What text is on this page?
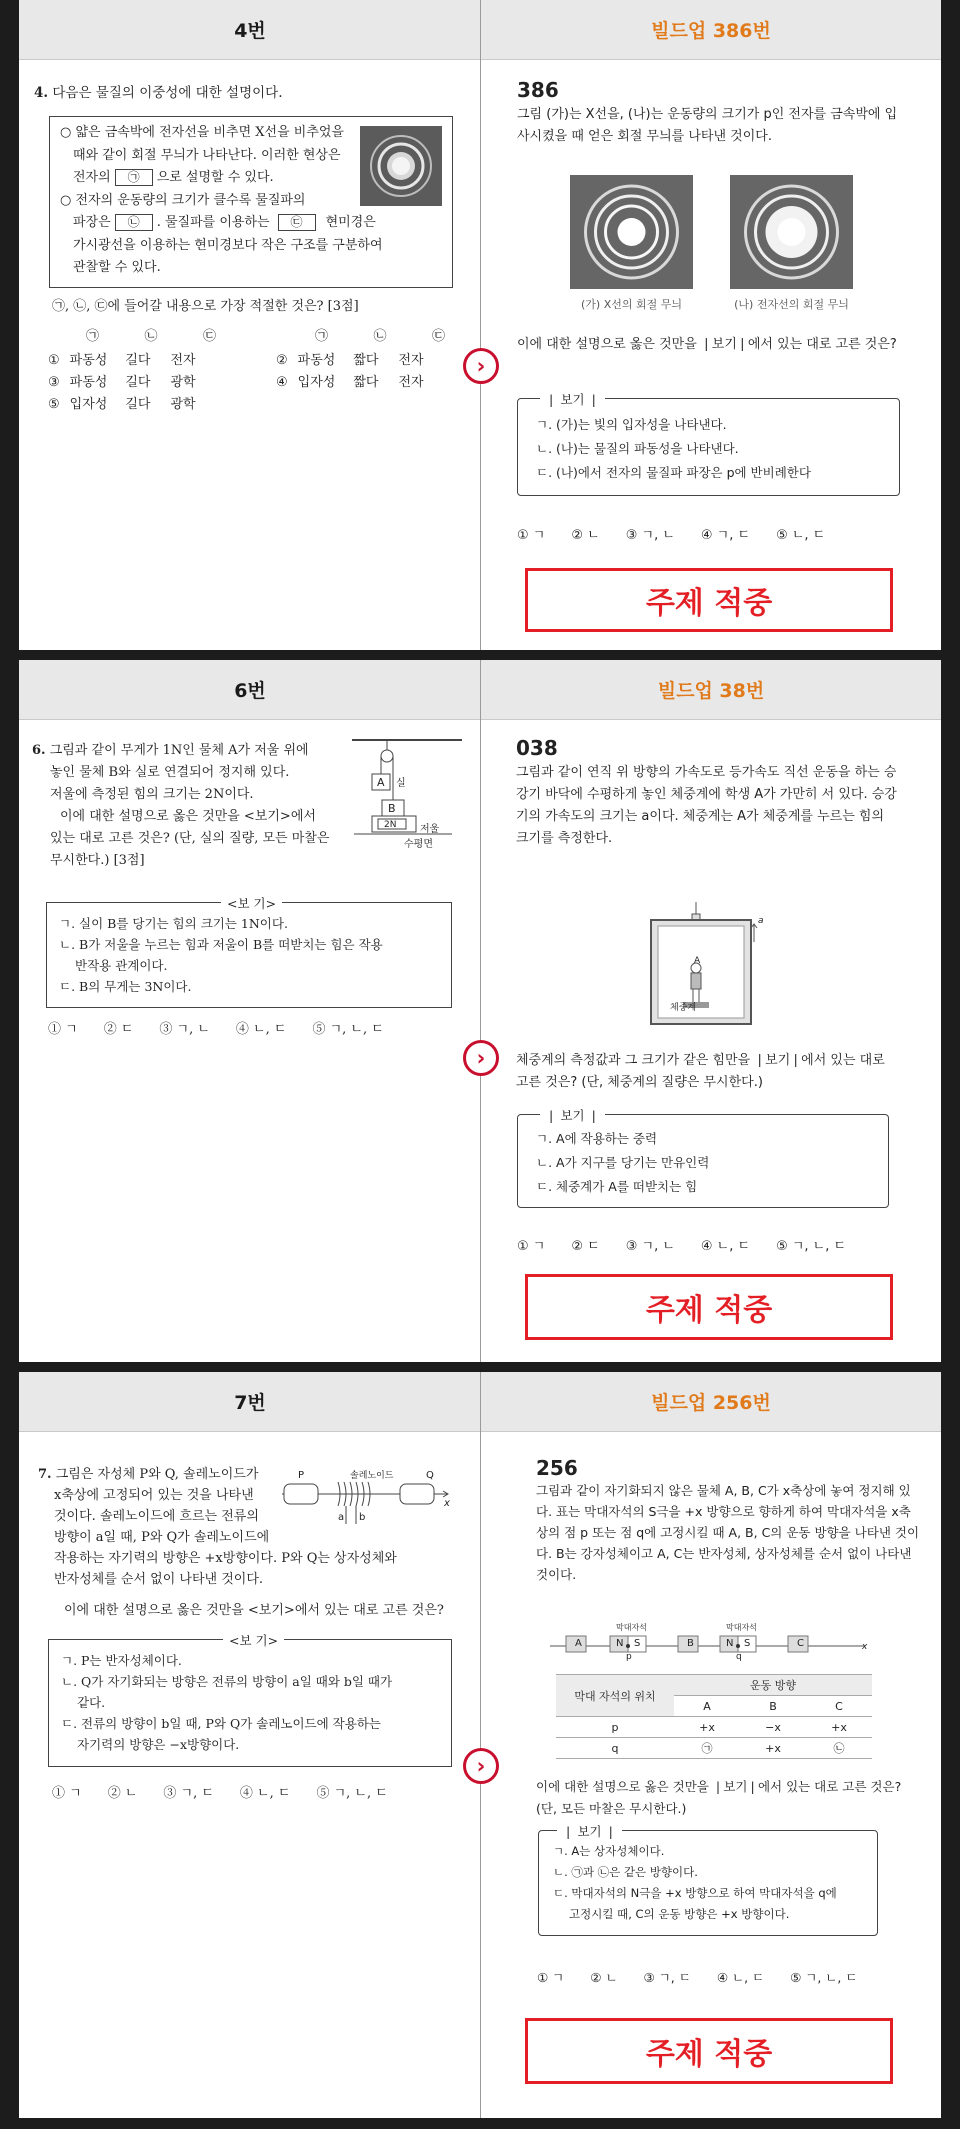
4번	빌드업 386번
4. 다음은 물질의 이중성에 대한 설명이다.
○ 얇은 금속박에 전자선을 비추면 X선을 비추었을
때와 같이 회절 무늬가 나타난다. 이러한 현상은
전자의 ㉠ 으로 설명할 수 있다.
○ 전자의 운동량의 크기가 클수록 물질파의
파장은 ㉡ . 물질파를 이용하는 ㉢ 현미경은
가시광선을 이용하는 현미경보다 작은 구조를 구분하여
관찰할 수 있다.
㉠, ㉡, ㉢에 들어갈 내용으로 가장 적절한 것은? [3점]
㉠	㉡	㉢	㉠	㉡	㉢
① 파동성 길다 전자	② 파동성 짧다 전자
③ 파동성 길다 광학	④ 입자성 짧다 전자
⑤ 입자성 길다 광학
386
그림 (가)는 X선을, (나)는 운동량의 크기가 p인 전자를 금속박에 입사시켰을 때 얻은 회절 무늬를 나타낸 것이다.
(가) X선의 회절 무늬	(나) 전자선의 회절 무늬
이에 대한 설명으로 옳은 것만을 ❘보기❘에서 있는 대로 고른 것은?
❘ 보기 ❘
ㄱ. (가)는 빛의 입자성을 나타낸다.
ㄴ. (나)는 물질의 파동성을 나타낸다.
ㄷ. (나)에서 전자의 물질파 파장은 p에 반비례한다
① ㄱ ② ㄴ ③ ㄱ, ㄴ ④ ㄱ, ㄷ ⑤ ㄴ, ㄷ
주제 적중
›
6번	빌드업 38번
6. 그림과 같이 무게가 1N인 물체 A가 저울 위에
놓인 물체 B와 실로 연결되어 정지해 있다.
저울에 측정된 힘의 크기는 2N이다.
이에 대한 설명으로 옳은 것만을 <보기>에서
있는 대로 고른 것은? (단, 실의 질량, 모든 마찰은
무시한다.) [3점]
A 실
B
2N 저울
수평면
<보 기>
ㄱ. 실이 B를 당기는 힘의 크기는 1N이다.
ㄴ. B가 저울을 누르는 힘과 저울이 B를 떠받치는 힘은 작용
반작용 관계이다.
ㄷ. B의 무게는 3N이다.
① ㄱ ② ㄷ ③ ㄱ, ㄴ ④ ㄴ, ㄷ ⑤ ㄱ, ㄴ, ㄷ
038
그림과 같이 연직 위 방향의 가속도로 등가속도 직선 운동을 하는 승강기 바닥에 수평하게 놓인 체중계에 학생 A가 가만히 서 있다. 승강기의 가속도의 크기는 a이다. 체중계는 A가 체중계를 누르는 힘의 크기를 측정한다.
A
체중계
a
체중계의 측정값과 그 크기가 같은 힘만을 ❘보기❘에서 있는 대로 고른 것은? (단, 체중계의 질량은 무시한다.)
❘ 보기 ❘
ㄱ. A에 작용하는 중력
ㄴ. A가 지구를 당기는 만유인력
ㄷ. 체중계가 A를 떠받치는 힘
① ㄱ ② ㄷ ③ ㄱ, ㄴ ④ ㄴ, ㄷ ⑤ ㄱ, ㄴ, ㄷ
주제 적중
›
7번	빌드업 256번
7. 그림은 자성체 P와 Q, 솔레노이드가
x축상에 고정되어 있는 것을 나타낸
것이다. 솔레노이드에 흐르는 전류의
방향이 a일 때, P와 Q가 솔레노이드에
작용하는 자기력의 방향은 +x방향이다. P와 Q는 상자성체와
반자성체를 순서 없이 나타낸 것이다.
P	솔레노이드	Q
a b
x
이에 대한 설명으로 옳은 것만을 <보기>에서 있는 대로 고른 것은?
<보 기>
ㄱ. P는 반자성체이다.
ㄴ. Q가 자기화되는 방향은 전류의 방향이 a일 때와 b일 때가
같다.
ㄷ. 전류의 방향이 b일 때, P와 Q가 솔레노이드에 작용하는
자기력의 방향은 −x방향이다.
① ㄱ ② ㄴ ③ ㄱ, ㄷ ④ ㄴ, ㄷ ⑤ ㄱ, ㄴ, ㄷ
256
그림과 같이 자기화되지 않은 물체 A, B, C가 x축상에 놓여 정지해 있다. 표는 막대자석의 S극을 +x 방향으로 향하게 하여 막대자석을 x축상의 점 p 또는 점 q에 고정시킬 때 A, B, C의 운동 방향을 나타낸 것이다. B는 강자성체이고 A, C는 반자성체, 상자성체를 순서 없이 나타낸 것이다.
막대자석	막대자석
A	N S	B	N S	C
p	q
x
막대 자석의 위치	운동 방향		
	A	B	C
p	+x	−x	+x
q	㉠	+x	㉡
이에 대한 설명으로 옳은 것만을 ❘보기❘에서 있는 대로 고른 것은? (단, 모든 마찰은 무시한다.)
❘ 보기 ❘
ㄱ. A는 상자성체이다.
ㄴ. ㉠과 ㉡은 같은 방향이다.
ㄷ. 막대자석의 N극을 +x 방향으로 하여 막대자석을 q에
고정시킬 때, C의 운동 방향은 +x 방향이다.
① ㄱ ② ㄴ ③ ㄱ, ㄷ ④ ㄴ, ㄷ ⑤ ㄱ, ㄴ, ㄷ
주제 적중
›
